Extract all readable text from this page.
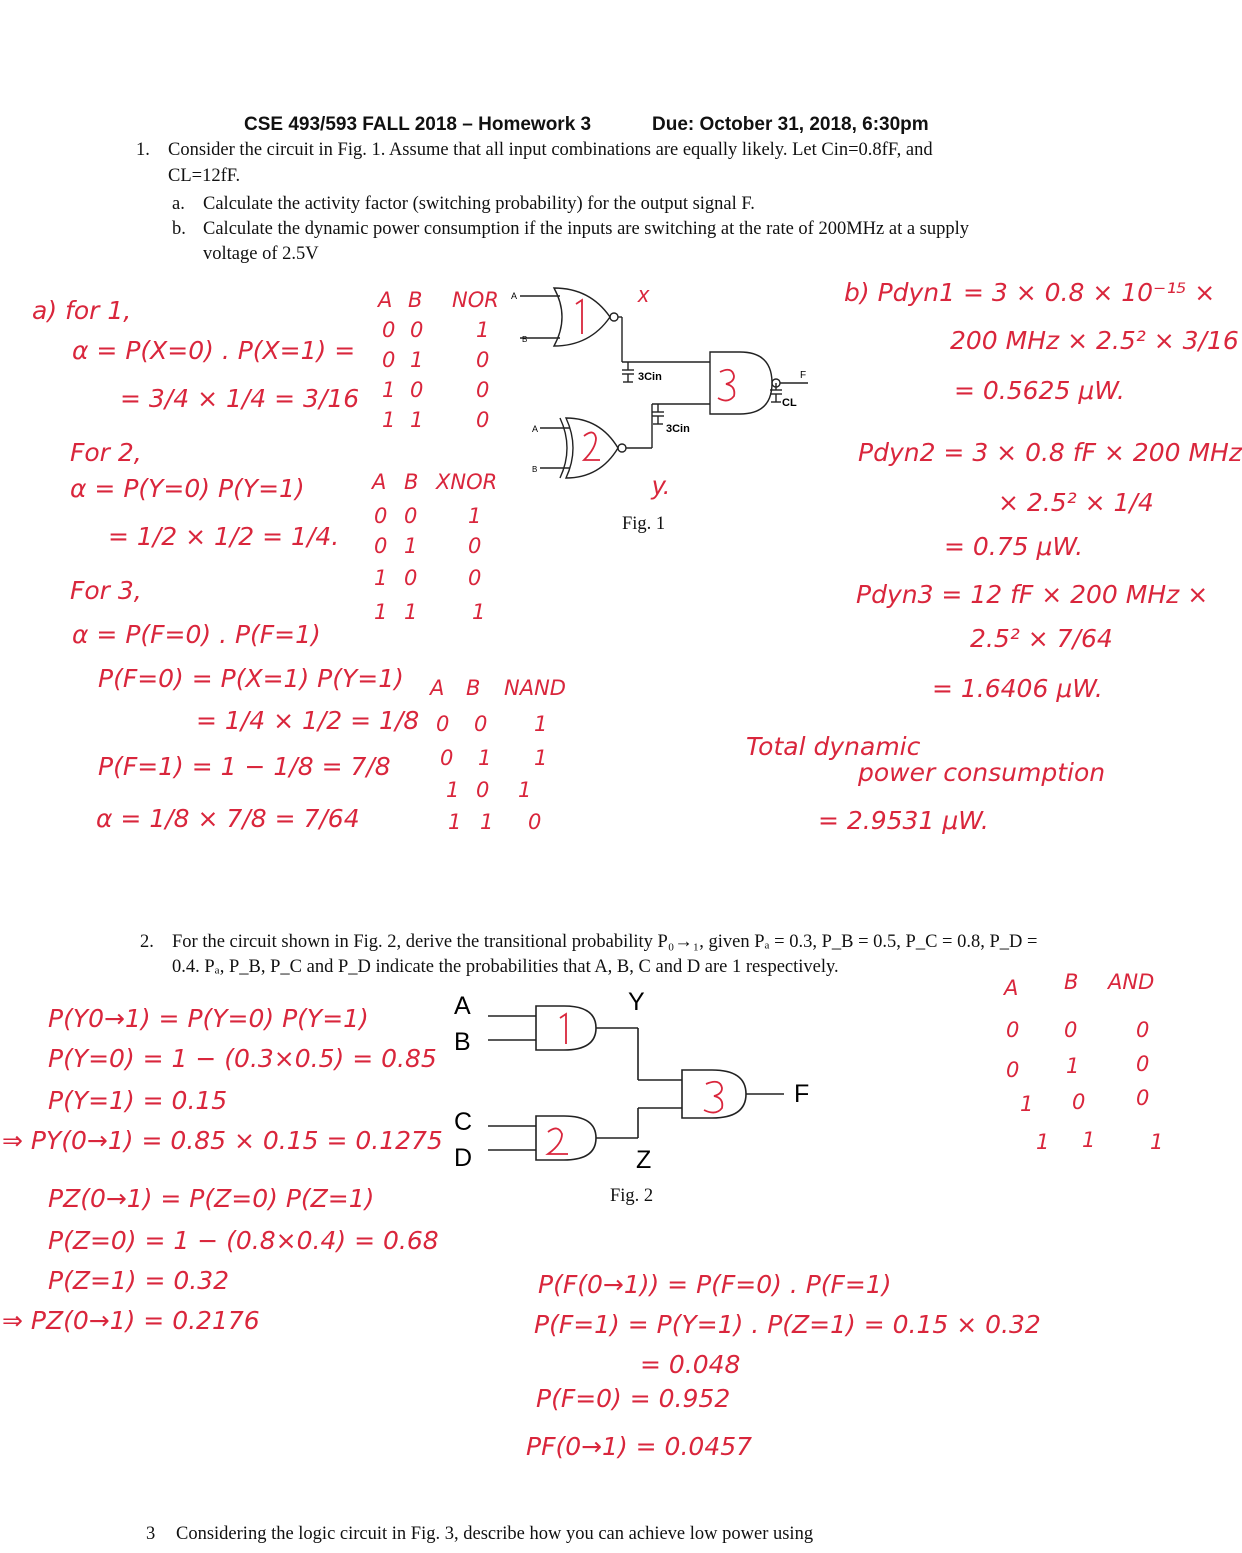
CSE 493/593 FALL 2018 – Homework 3	Due: October 31, 2018, 6:30pm
1. Consider the circuit in Fig. 1. Assume that all input combinations are equally likely. Let Cin=0.8fF, and
CL=12fF.
a. Calculate the activity factor (switching probability) for the output signal F.
b. Calculate the dynamic power consumption if the inputs are switching at the rate of 200MHz at a supply
voltage of 2.5V
A
B
A
B
3Cin
3Cin
CL
F
x
y.
Fig. 1
a) for 1,
α = P(X=0) . P(X=1) =
= 3/4 × 1/4 = 3/16
For 2,
α = P(Y=0) P(Y=1)
= 1/2 × 1/2 = 1/4.
For 3,
α = P(F=0) . P(F=1)
P(F=0) = P(X=1) P(Y=1)
= 1/4 × 1/2 = 1/8
P(F=1) = 1 − 1/8 = 7/8
α = 1/8 × 7/8 = 7/64
A B NOR
0 0	1
0 1	0
1 0	0
1 1	0
A B XNOR
0 0 1
0 1 0
1 0 0
1 1	1
A B NAND
0 0 1
0 1 1
1 0 1
1 1 0
b) Pdyn1 = 3 × 0.8 × 10⁻¹⁵ ×
200 MHz × 2.5² × 3/16
= 0.5625 μW.
Pdyn2 = 3 × 0.8 fF × 200 MHz
× 2.5² × 1/4
= 0.75 μW.
Pdyn3 = 12 fF × 200 MHz ×
2.5² × 7/64
= 1.6406 μW.
Total dynamic
power consumption
= 2.9531 μW.
2. For the circuit shown in Fig. 2, derive the transitional probability P₀→₁, given Pₐ = 0.3, P_B = 0.5, P_C = 0.8, P_D =
0.4. Pₐ, P_B, P_C and P_D indicate the probabilities that A, B, C and D are 1 respectively.
A
B
C
D
Y
Z
F
Fig. 2
A B AND
0 0	0
0 1	0
1 0 0
1 1	1
P(Y0→1) = P(Y=0) P(Y=1)
P(Y=0) = 1 − (0.3×0.5) = 0.85
P(Y=1) = 0.15
⇒ PY(0→1) = 0.85 × 0.15 = 0.1275
PZ(0→1) = P(Z=0) P(Z=1)
P(Z=0) = 1 − (0.8×0.4) = 0.68
P(Z=1) = 0.32
⇒ PZ(0→1) = 0.2176
P(F(0→1)) = P(F=0) . P(F=1)
P(F=1) = P(Y=1) . P(Z=1) = 0.15 × 0.32
= 0.048
P(F=0) = 0.952
PF(0→1) = 0.0457
3 Considering the logic circuit in Fig. 3, describe how you can achieve low power using
